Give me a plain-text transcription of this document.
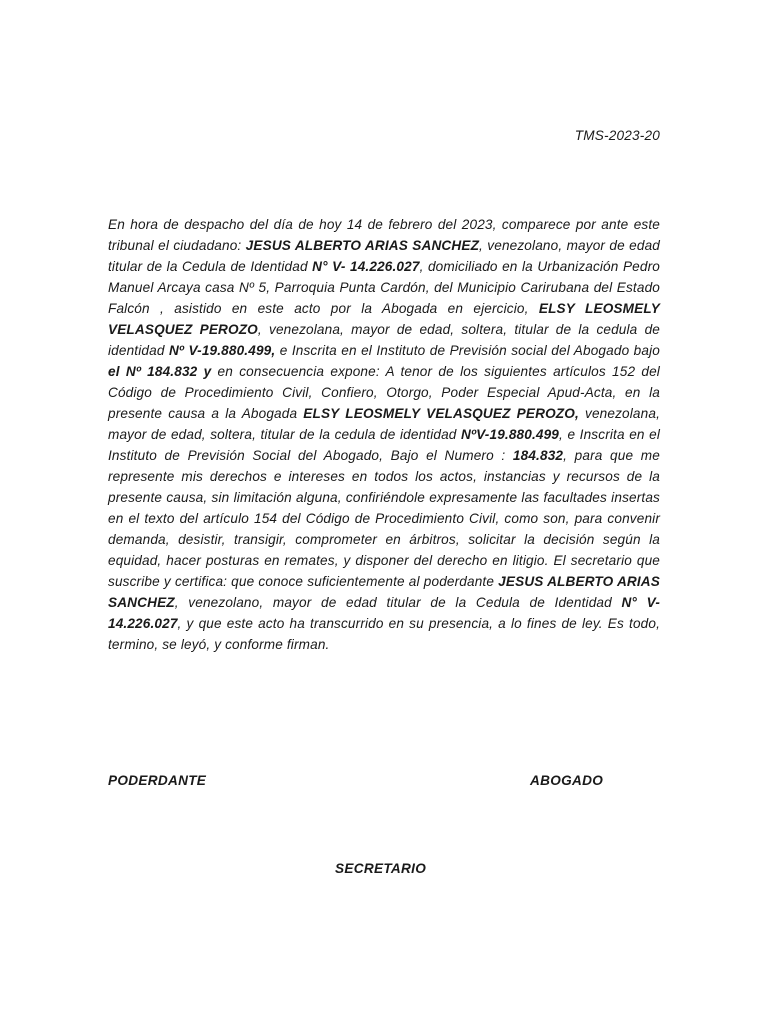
TMS-2023-20

En hora de despacho del día de hoy 14 de febrero del 2023, comparece por ante este tribunal el ciudadano: JESUS ALBERTO ARIAS SANCHEZ, venezolano, mayor de edad titular de la Cedula de Identidad N° V- 14.226.027, domiciliado en la Urbanización Pedro Manuel Arcaya casa Nº 5, Parroquia Punta Cardón, del Municipio Carirubana del Estado Falcón , asistido en este acto por la Abogada en ejercicio, ELSY LEOSMELY VELASQUEZ PEROZO, venezolana, mayor de edad, soltera, titular de la cedula de identidad Nº V-19.880.499, e Inscrita en el Instituto de Previsión social del Abogado bajo el Nº 184.832 y en consecuencia expone: A tenor de los siguientes artículos 152 del Código de Procedimiento Civil, Confiero, Otorgo, Poder Especial Apud-Acta, en la presente causa a la Abogada ELSY LEOSMELY VELASQUEZ PEROZO, venezolana, mayor de edad, soltera, titular de la cedula de identidad NºV-19.880.499, e Inscrita en el Instituto de Previsión Social del Abogado, Bajo el Numero : 184.832, para que me represente mis derechos e intereses en todos los actos, instancias y recursos de la presente causa, sin limitación alguna, confiriéndole expresamente las facultades insertas en el texto del artículo 154 del Código de Procedimiento Civil, como son, para convenir demanda, desistir, transigir, comprometer en árbitros, solicitar la decisión según la equidad, hacer posturas en remates, y disponer del derecho en litigio. El secretario que suscribe y certifica: que conoce suficientemente al poderdante JESUS ALBERTO ARIAS SANCHEZ, venezolano, mayor de edad titular de la Cedula de Identidad N° V- 14.226.027, y que este acto ha transcurrido en su presencia, a lo fines de ley. Es todo, termino, se leyó, y conforme firman.

PODERDANTE	ABOGADO
SECRETARIO
